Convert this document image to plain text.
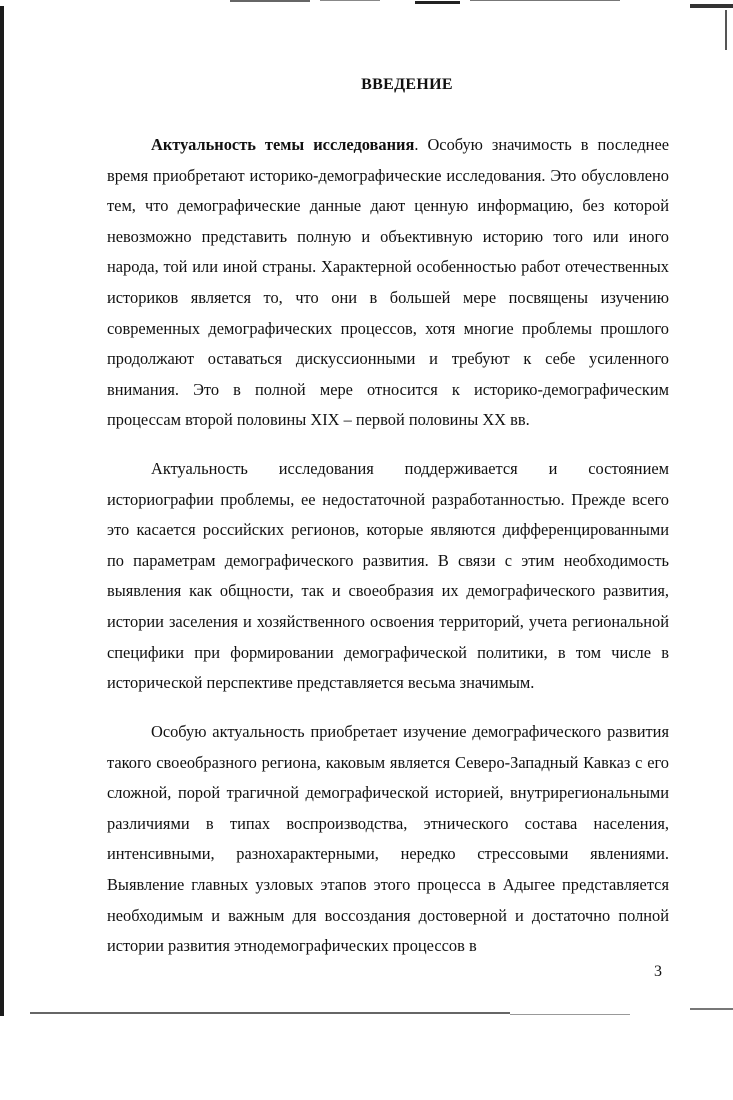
ВВЕДЕНИЕ

Актуальность темы исследования. Особую значимость в последнее время приобретают историко-демографические исследования. Это обусловлено тем, что демографические данные дают ценную информацию, без которой невозможно представить полную и объективную историю того или иного народа, той или иной страны. Характерной особенностью работ отечественных историков является то, что они в большей мере посвящены изучению современных демографических процессов, хотя многие проблемы прошлого продолжают оставаться дискуссионными и требуют к себе усиленного внимания. Это в полной мере относится к историко-демографическим процессам второй половины XIX – первой половины XX вв.

Актуальность исследования поддерживается и состоянием историографии проблемы, ее недостаточной разработанностью. Прежде всего это касается российских регионов, которые являются дифференцированными по параметрам демографического развития. В связи с этим необходимость выявления как общности, так и своеобразия их демографического развития, истории заселения и хозяйственного освоения территорий, учета региональной специфики при формировании демографической политики, в том числе в исторической перспективе представляется весьма значимым.

Особую актуальность приобретает изучение демографического развития такого своеобразного региона, каковым является Северо-Западный Кавказ с его сложной, порой трагичной демографической историей, внутрирегиональными различиями в типах воспроизводства, этнического состава населения, интенсивными, разнохарактерными, нередко стрессовыми явлениями. Выявление главных узловых этапов этого процесса в Адыгее представляется необходимым и важным для воссоздания достоверной и достаточно полной истории развития этнодемографических процессов в

3
